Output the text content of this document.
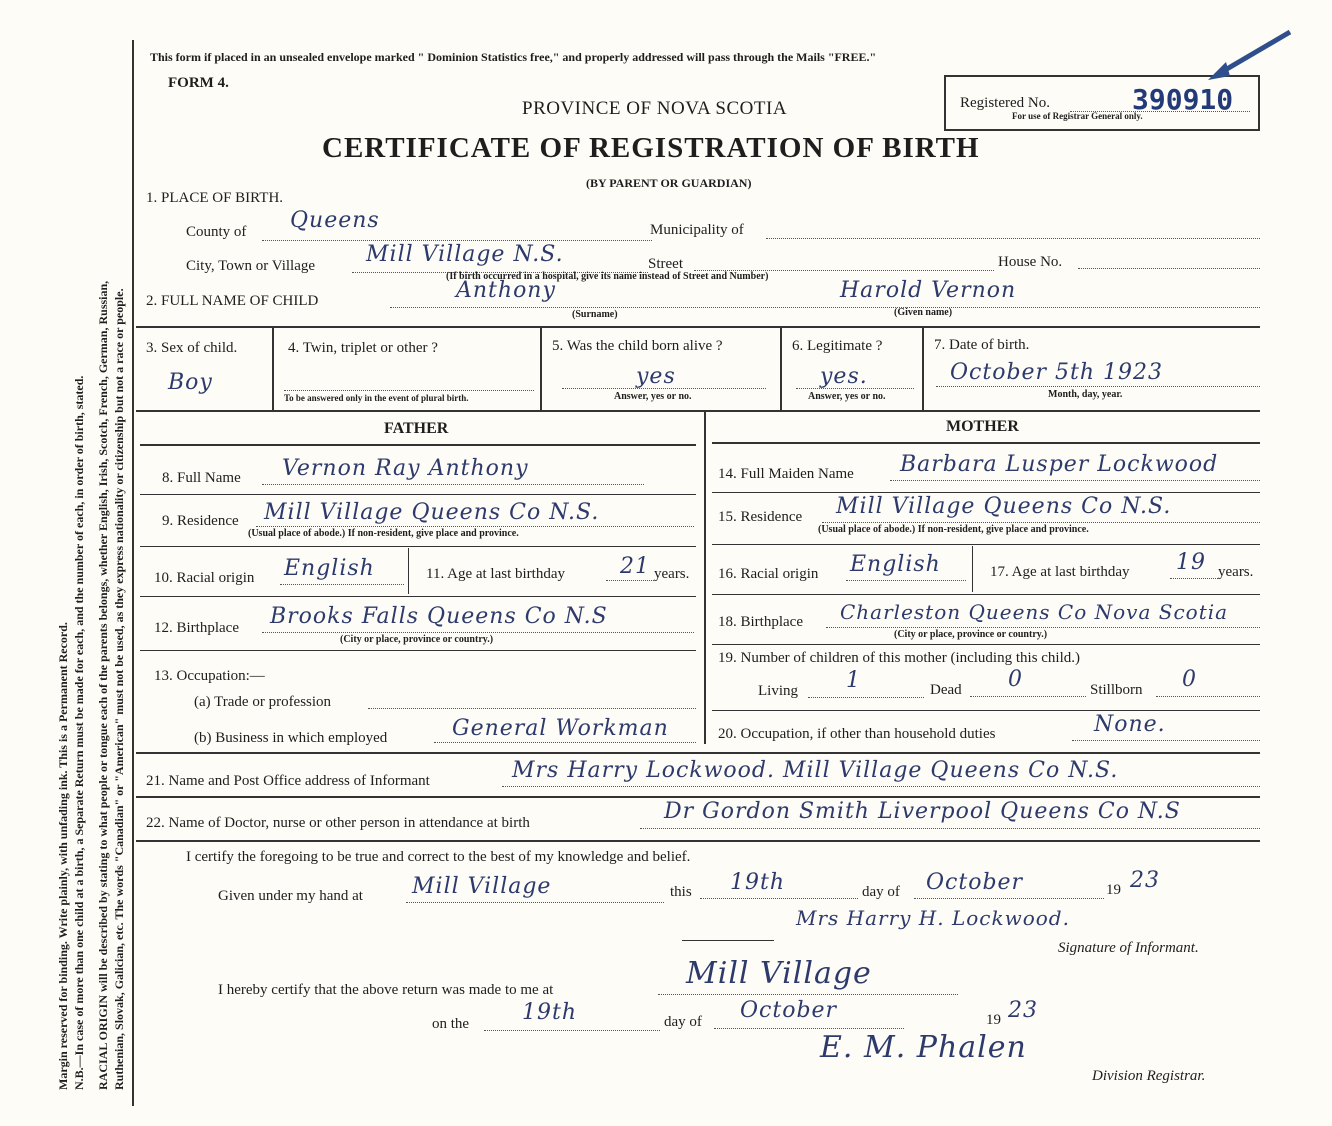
Margin reserved for binding. Write plainly, with unfading ink. This is a Permanent Record. N.B.—In case of more than one child at a birth, a Separate Return must be made for each, and the number of each, in order of birth, stated. RACIAL ORIGIN will be described by stating to what people or tongue each of the parents belongs, whether English, Irish, Scotch, French, German, Russian, Ruthenian, Slovak, Galician, etc. The words "Canadian" or "American" must not be used, as they express nationality or citizenship but not a race or people.
This form if placed in an unsealed envelope marked " Dominion Statistics free," and properly addressed will pass through the Mails "FREE."
FORM 4.
PROVINCE OF NOVA SCOTIA
CERTIFICATE OF REGISTRATION OF BIRTH
(BY PARENT OR GUARDIAN)
Registered No.	390910
For use of Registrar General only.
1. PLACE OF BIRTH.
County of Queens	Municipality of
City, Town or Village Mill Village N.S.	Street	House No.
(If birth occurred in a hospital, give its name instead of Street and Number)
2. FULL NAME OF CHILD	Anthony	Harold Vernon
(Surname)	(Given name)
3. Sex of child.
Boy
4. Twin, triplet or other ?
To be answered only in the event of plural birth.
5. Was the child born alive ?
yes
Answer, yes or no.
6. Legitimate ?
yes.
Answer, yes or no.
7. Date of birth.
October 5th 1923
Month, day, year.
FATHER	MOTHER
8. Full Name Vernon Ray Anthony
9. Residence Mill Village Queens Co N.S.
(Usual place of abode.) If non-resident, give place and province.
10. Racial origin English	11. Age at last birthday	21 years.
12. Birthplace Brooks Falls Queens Co N.S
(City or place, province or country.)
13. Occupation:—
(a) Trade or profession
(b) Business in which employed	General Workman
14. Full Maiden Name Barbara Lusper Lockwood
15. Residence Mill Village Queens Co N.S.
(Usual place of abode.) If non-resident, give place and province.
16. Racial origin English	17. Age at last birthday 19 years.
18. Birthplace Charleston Queens Co Nova Scotia
(City or place, province or country.)
19. Number of children of this mother (including this child.)
Living 1	Dead 0	Stillborn 0
20. Occupation, if other than household duties	None.
21. Name and Post Office address of Informant	Mrs Harry Lockwood. Mill Village Queens Co N.S.
22. Name of Doctor, nurse or other person in attendance at birth	Dr Gordon Smith Liverpool Queens Co N.S
I certify the foregoing to be true and correct to the best of my knowledge and belief.
Given under my hand at Mill Village	this 19th	day of October	19 23
Mrs Harry H. Lockwood.
Signature of Informant.
I hereby certify that the above return was made to me at	Mill Village
on the 19th	day of October	19 23
E. M. Phalen
Division Registrar.
